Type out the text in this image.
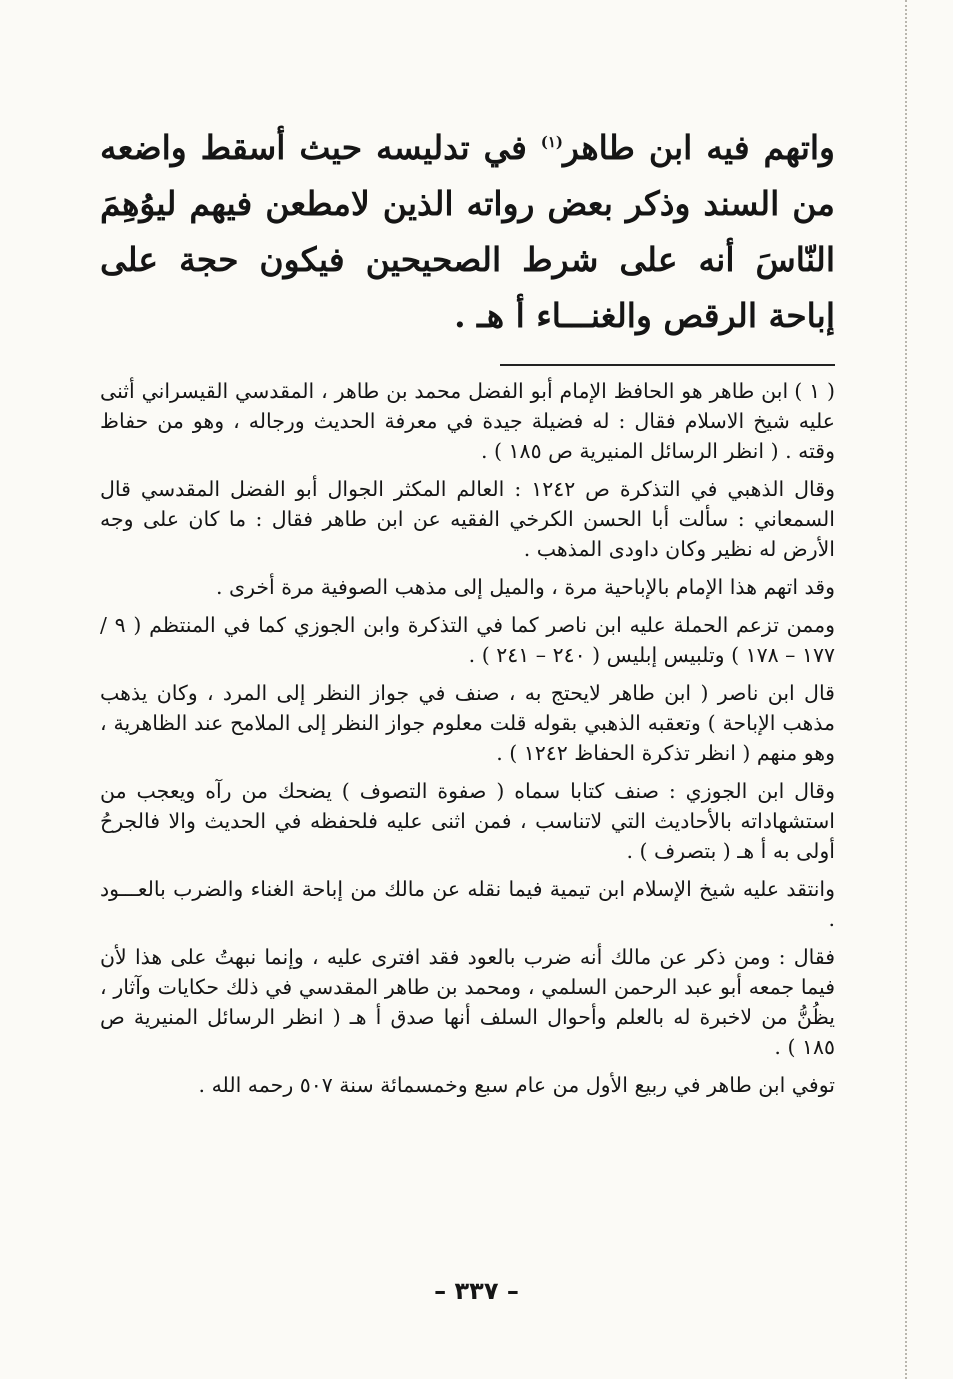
واتهم فيه ابن طاهر$^{(١)}$ في تدليسه حيث أسقط واضعه من السند وذكر بعض رواته الذين لامطعن فيهم ليوُهِمَ النّاسَ أنه على شرط الصحيحين فيكون حجة على إباحة الرقص والغنـــاء أ هـ .

( ١ )ابن طاهر هو الحافظ الإمام أبو الفضل محمد بن طاهر ، المقدسي القيسراني أثنى عليه شيخ الاسلام فقال : له فضيلة جيدة في معرفة الحديث ورجاله ، وهو من حفاظ وقته . ( انظر الرسائل المنيرية ص ١٨٥ ) .

وقال الذهبي في التذكرة ص ١٢٤٢ : العالم المكثر الجوال أبو الفضل المقدسي قال السمعاني : سألت أبا الحسن الكرخي الفقيه عن ابن طاهر فقال : ما كان على وجه الأرض له نظير وكان داودى المذهب .

وقد اتهم هذا الإمام بالإباحية مرة ، والميل إلى مذهب الصوفية مرة أخرى .

وممن تزعم الحملة عليه ابن ناصر كما في التذكرة وابن الجوزي كما في المنتظم ( ٩ / ١٧٧ – ١٧٨ ) وتلبيس إبليس ( ٢٤٠ – ٢٤١ ) .

قال ابن ناصر ( ابن طاهر لايحتج به ، صنف في جواز النظر إلى المرد ، وكان يذهب مذهب الإباحة ) وتعقبه الذهبي بقوله قلت معلوم جواز النظر إلى الملامح عند الظاهرية ، وهو منهم ( انظر تذكرة الحفاظ ١٢٤٢ ) .

وقال ابن الجوزي : صنف كتابا سماه ( صفوة التصوف ) يضحك من رآه ويعجب من استشهاداته بالأحاديث التي لاتناسب ، فمن اثنى عليه فلحفظه في الحديث والا فالجرحُ أولى به أ هـ ( بتصرف ) .

وانتقد عليه شيخ الإسلام ابن تيمية فيما نقله عن مالك من إباحة الغناء والضرب بالعـــود .

فقال : ومن ذكر عن مالك أنه ضرب بالعود فقد افترى عليه ، وإنما نبهتُ على هذا لأن فيما جمعه أبو عبد الرحمن السلمي ، ومحمد بن طاهر المقدسي في ذلك حكايات وآثار ، يظُنُّ من لاخبرة له بالعلم وأحوال السلف أنها صدق أ هـ ( انظر الرسائل المنيرية ص ١٨٥ ) .

توفي ابن طاهر في ربيع الأول من عام سبع وخمسمائة سنة ٥٠٧ رحمه الله .

– ٣٣٧ –
